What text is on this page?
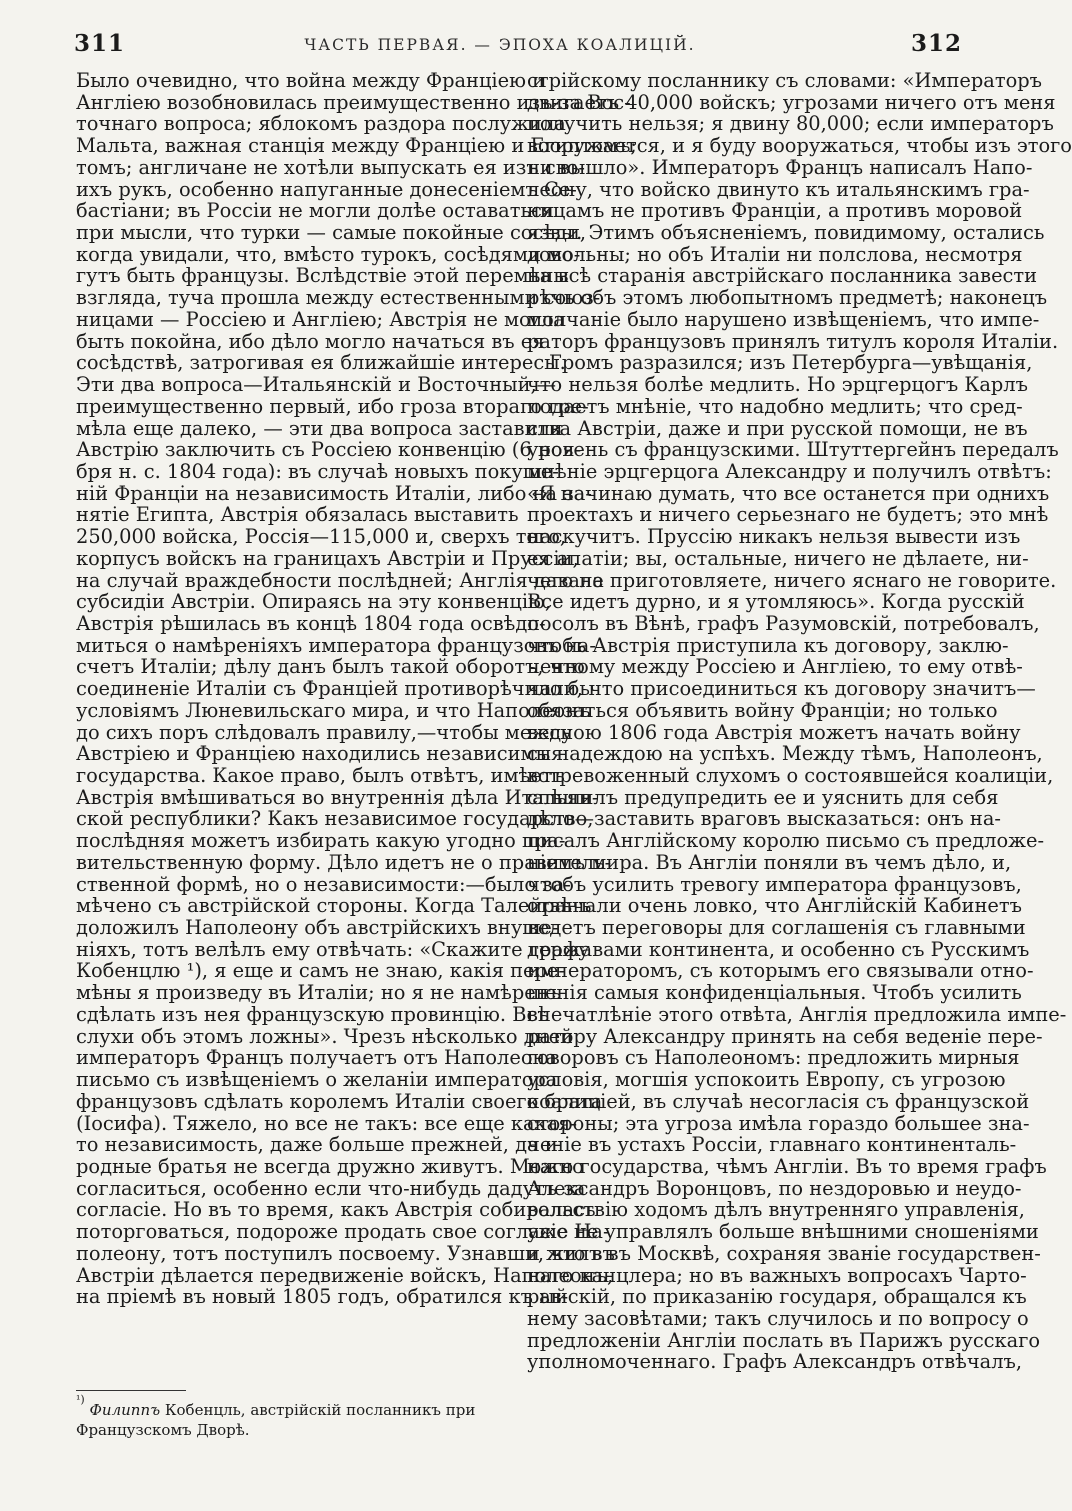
311	ЧАСТЬ ПЕРВАЯ. — ЭПОХА КОАЛИЦІЙ.	312
Было очевидно, что война между Франціею и
Англіею возобновилась преимущественно изъ-за Вос-
точнаго вопроса; яблокомъ раздора послужила
Мальта, важная станція между Франціею и Египтомъ;
томъ; англичане не хотѣли выпускать ея изъ сво-
ихъ рукъ, особенно напуганные донесеніемъ Се-
бастіани; въ Россіи не могли долѣе оставаться
при мысли, что турки — самые покойные сосѣди,
когда увидали, что, вмѣсто турокъ, сосѣдями мо-
гутъ быть французы. Вслѣдствіе этой перемѣны
взгляда, туча прошла между естественными союз-
ницами — Россіею и Англіею; Австрія не могла
быть покойна, ибо дѣло могло начаться въ ея
сосѣдствѣ, затрогивая ея ближайшіе интересы.
Эти два вопроса—Итальянскій и Восточный,—
преимущественно первый, ибо гроза втораго гре-
мѣла еще далеко, — эти два вопроса заставили
Австрію заключить съ Россіею конвенцію (6 ноя-
бря н. с. 1804 года): въ случаѣ новыхъ покуше-
ній Франціи на независимость Италіи, либо на за-
нятіе Египта, Австрія обязалась выставить
250,000 войска, Россія—115,000 и, сверхъ того,
корпусъ войскъ на границахъ Австріи и Пруссіи,
на случай враждебности послѣдней; Англія давала
субсидіи Австріи. Опираясь на эту конвенцію,
Австрія рѣшилась въ концѣ 1804 года освѣдо-
миться о намѣреніяхъ императора французовъ на-
счетъ Италіи; дѣлу данъ былъ такой оборотъ, что
соединеніе Италіи съ Франціей противорѣчило бы
условіямъ Люневильскаго мира, и что Наполеонъ
до сихъ поръ слѣдовалъ правилу,—чтобы между
Австріею и Франціею находились независимыя
государства. Какое право, былъ отвѣтъ, имѣетъ
Австрія вмѣшиваться во внутреннія дѣла Итальян-
ской республики? Какъ независимое государство,
послѣдняя можетъ избирать какую угодно пра-
вительственную форму. Дѣло идетъ не о правитель-
ственной формѣ, но о независимости:—было за-
мѣчено съ австрійской стороны. Когда Талейранъ
доложилъ Наполеону объ австрійскихъ внуше-
ніяхъ, тотъ велѣлъ ему отвѣчать: «Скажите графу
Кобенцлю ¹), я еще и самъ не знаю, какія пере-
мѣны я произведу въ Италіи; но я не намѣренъ
сдѣлать изъ нея французскую провинцію. Всѣ
слухи объ этомъ ложны». Чрезъ нѣсколько дней
императоръ Францъ получаетъ отъ Наполеона
письмо съ извѣщеніемъ о желаніи императора
французовъ сдѣлать королемъ Италіи своего брата
(Іосифа). Тяжело, но все не такъ: все еще какая-
то независимость, даже больше прежней, да и
родные братья не всегда дружно живутъ. Можно
согласиться, особенно если что-нибудь дадутъ за
согласіе. Но въ то время, какъ Австрія собиралась
поторговаться, подорожe продать свое согласіе На-
полеону, тотъ поступилъ посвоему. Узнавши, что въ
Австріи дѣлается передвиженіе войскъ, Наполеонъ,
на пріемѣ въ новый 1805 годъ, обратился къ ав-
стрійскому посланнику съ словами: «Императоръ
двигаетъ 40,000 войскъ; угрозами ничего отъ меня
получить нельзя; я двину 80,000; если императоръ
вооружается, и я буду вооружаться, чтобы изъ этого
ни вышло». Императоръ Францъ написалъ Напо-
леону, что войско двинуто къ итальянскимъ гра-
ницамъ не противъ Франціи, а противъ моровой
язвы. Этимъ объясненіемъ, повидимому, остались
довольны; но объ Италіи ни полслова, несмотря
на всѣ старанія австрійскаго посланника завести
рѣчь объ этомъ любопытномъ предметѣ; наконецъ
молчаніе было нарушено извѣщеніемъ, что импе-
раторъ французовъ принялъ титулъ короля Италіи.
Громъ разразился; изъ Петербурга—увѣщанія,
что нельзя болѣе медлить. Но эрцгерцогъ Карлъ
подаетъ мнѣніе, что надобно медлить; что сред-
ства Австріи, даже и при русской помощи, не въ
уровень съ французскими. Штуттергейнъ передалъ
мнѣніе эрцгерцога Александру и получилъ отвѣтъ:
«Я начинаю думать, что все останется при однихъ
проектахъ и ничего серьезнаго не будетъ; это мнѣ
наскучитъ. Пруссію никакъ нельзя вывести изъ
ея апатіи; вы, остальные, ничего не дѣлаете, ни-
чего не приготовляете, ничего яснаго не говорите.
Все идетъ дурно, и я утомляюсь». Когда русскій
посолъ въ Вѣнѣ, графъ Разумовскій, потребовалъ,
чтобъ Австрія приступила къ договору, заклю-
ченному между Россіею и Англіею, то ему отвѣ-
чали, что присоединиться къ договору значитъ—
обязаться объявить войну Франціи; но только
весною 1806 года Австрія можетъ начать войну
съ надеждою на успѣхъ. Между тѣмъ, Наполеонъ,
встревоженный слухомъ о состоявшейся коалиціи,
спѣшилъ предупредить ее и уяснить для себя
дѣло—заставить враговъ высказаться: онъ на-
писалъ Англійскому королю письмо съ предложе-
ніемъ мира. Въ Англіи поняли въ чемъ дѣло, и,
чтобъ усилить тревогу императора французовъ,
отвѣчали очень ловко, что Англійскій Кабинетъ
ведетъ переговоры для соглашенія съ главными
державами континента, и особенно съ Русскимъ
императоромъ, съ которымъ его связывали отно-
шенія самыя конфиденціальныя. Чтобъ усилить
впечатлѣніе этого отвѣта, Англія предложила импе-
ратору Александру принять на себя веденіе пере-
говоровъ съ Наполеономъ: предложить мирныя
условія, могшія успокоить Европу, съ угрозою
коалиціей, въ случаѣ несогласія съ французской
стороны; эта угроза имѣла гораздо большее зна-
ченіе въ устахъ Россіи, главнаго континенталь-
наго государства, чѣмъ Англіи. Въ то время графъ
Александръ Воронцовъ, по нездоровью и неудо-
вольствію ходомъ дѣлъ внутренняго управленія,
уже не управлялъ больше внѣшними сношеніями
и жилъ въ Москвѣ, сохраняя званіе государствен-
наго канцлера; но въ важныхъ вопросахъ Чарто-
рыйскій, по приказанію государя, обращался къ
нему засовѣтами; такъ случилось и по вопросу о
предложеніи Англіи послать въ Парижъ русскаго
уполномоченнаго. Графъ Александръ отвѣчалъ,
$^{^1)}$ Филиппъ Кобенцль, австрійскій посланникъ при
Французскомъ Дворѣ.
